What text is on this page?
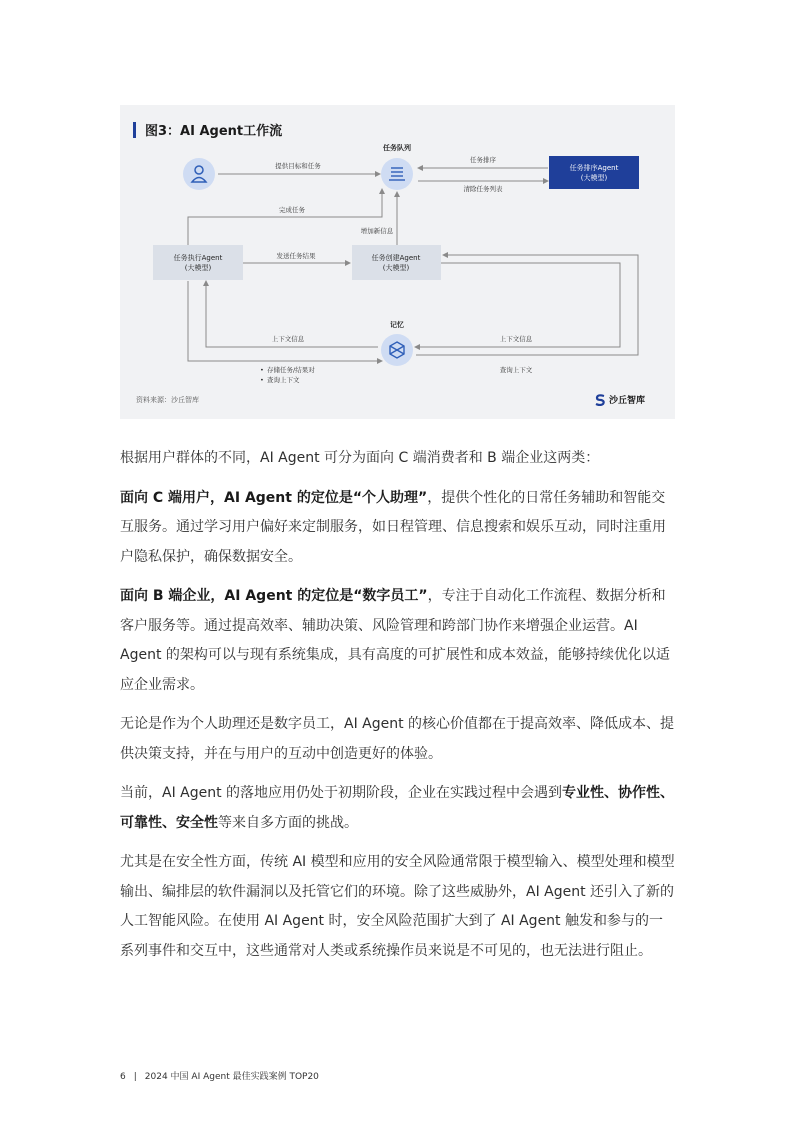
图3：AI Agent工作流
任务队列
任务排序Agent
(大模型)
任务执行Agent
(大模型)
任务创建Agent
(大模型)
记忆
提供目标和任务
任务排序
清除任务列表
完成任务
增加新信息
发送任务结果
上下文信息	上下文信息
查询上下文
• 存储任务/结果对
• 查询上下文
资料来源：沙丘智库	沙丘智库

根据用户群体的不同，AI Agent 可分为面向 C 端消费者和 B 端企业这两类：

面向 C 端用户，AI Agent 的定位是“个人助理”，提供个性化的日常任务辅助和智能交互服务。通过学习用户偏好来定制服务，如日程管理、信息搜索和娱乐互动，同时注重用户隐私保护，确保数据安全。

面向 B 端企业，AI Agent 的定位是“数字员工”，专注于自动化工作流程、数据分析和客户服务等。通过提高效率、辅助决策、风险管理和跨部门协作来增强企业运营。AI Agent 的架构可以与现有系统集成，具有高度的可扩展性和成本效益，能够持续优化以适应企业需求。

无论是作为个人助理还是数字员工，AI Agent 的核心价值都在于提高效率、降低成本、提供决策支持，并在与用户的互动中创造更好的体验。

当前，AI Agent 的落地应用仍处于初期阶段，企业在实践过程中会遇到专业性、协作性、可靠性、安全性等来自多方面的挑战。

尤其是在安全性方面，传统 AI 模型和应用的安全风险通常限于模型输入、模型处理和模型输出、编排层的软件漏洞以及托管它们的环境。除了这些威胁外，AI Agent 还引入了新的人工智能风险。在使用 AI Agent 时，安全风险范围扩大到了 AI Agent 触发和参与的一系列事件和交互中，这些通常对人类或系统操作员来说是不可见的，也无法进行阻止。

6 | 2024 中国 AI Agent 最佳实践案例 TOP20
